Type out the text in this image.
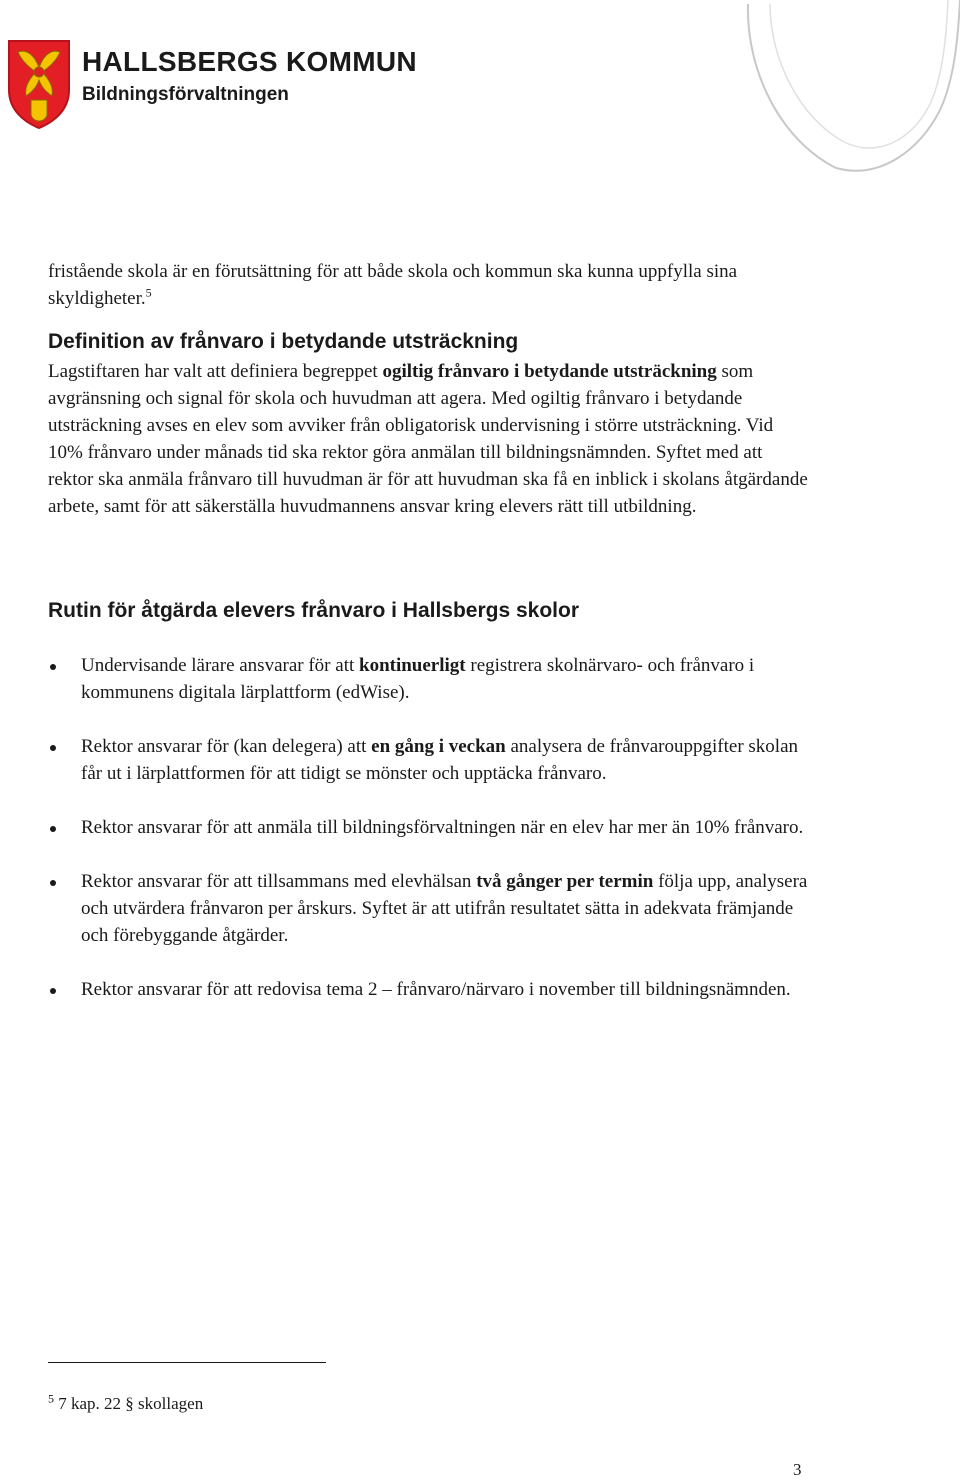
HALLSBERGS KOMMUN
Bildningsförvaltningen
fristående skola är en förutsättning för att både skola och kommun ska kunna uppfylla sina skyldigheter.$^5$
Definition av frånvaro i betydande utsträckning
Lagstiftaren har valt att definiera begreppet ogiltig frånvaro i betydande utsträckning som avgränsning och signal för skola och huvudman att agera. Med ogiltig frånvaro i betydande utsträckning avses en elev som avviker från obligatorisk undervisning i större utsträckning. Vid 10% frånvaro under månads tid ska rektor göra anmälan till bildningsnämnden. Syftet med att rektor ska anmäla frånvaro till huvudman är för att huvudman ska få en inblick i skolans åtgärdande arbete, samt för att säkerställa huvudmannens ansvar kring elevers rätt till utbildning.
Rutin för åtgärda elevers frånvaro i Hallsbergs skolor
Undervisande lärare ansvarar för att kontinuerligt registrera skolnärvaro- och frånvaro i kommunens digitala lärplattform (edWise).
Rektor ansvarar för (kan delegera) att en gång i veckan analysera de frånvarouppgifter skolan får ut i lärplattformen för att tidigt se mönster och upptäcka frånvaro.
Rektor ansvarar för att anmäla till bildningsförvaltningen när en elev har mer än 10% frånvaro.
Rektor ansvarar för att tillsammans med elevhälsan två gånger per termin följa upp, analysera och utvärdera frånvaron per årskurs. Syftet är att utifrån resultatet sätta in adekvata främjande och förebyggande åtgärder.
Rektor ansvarar för att redovisa tema 2 – frånvaro/närvaro i november till bildningsnämnden.
$^5$ 7 kap. 22 § skollagen
3
